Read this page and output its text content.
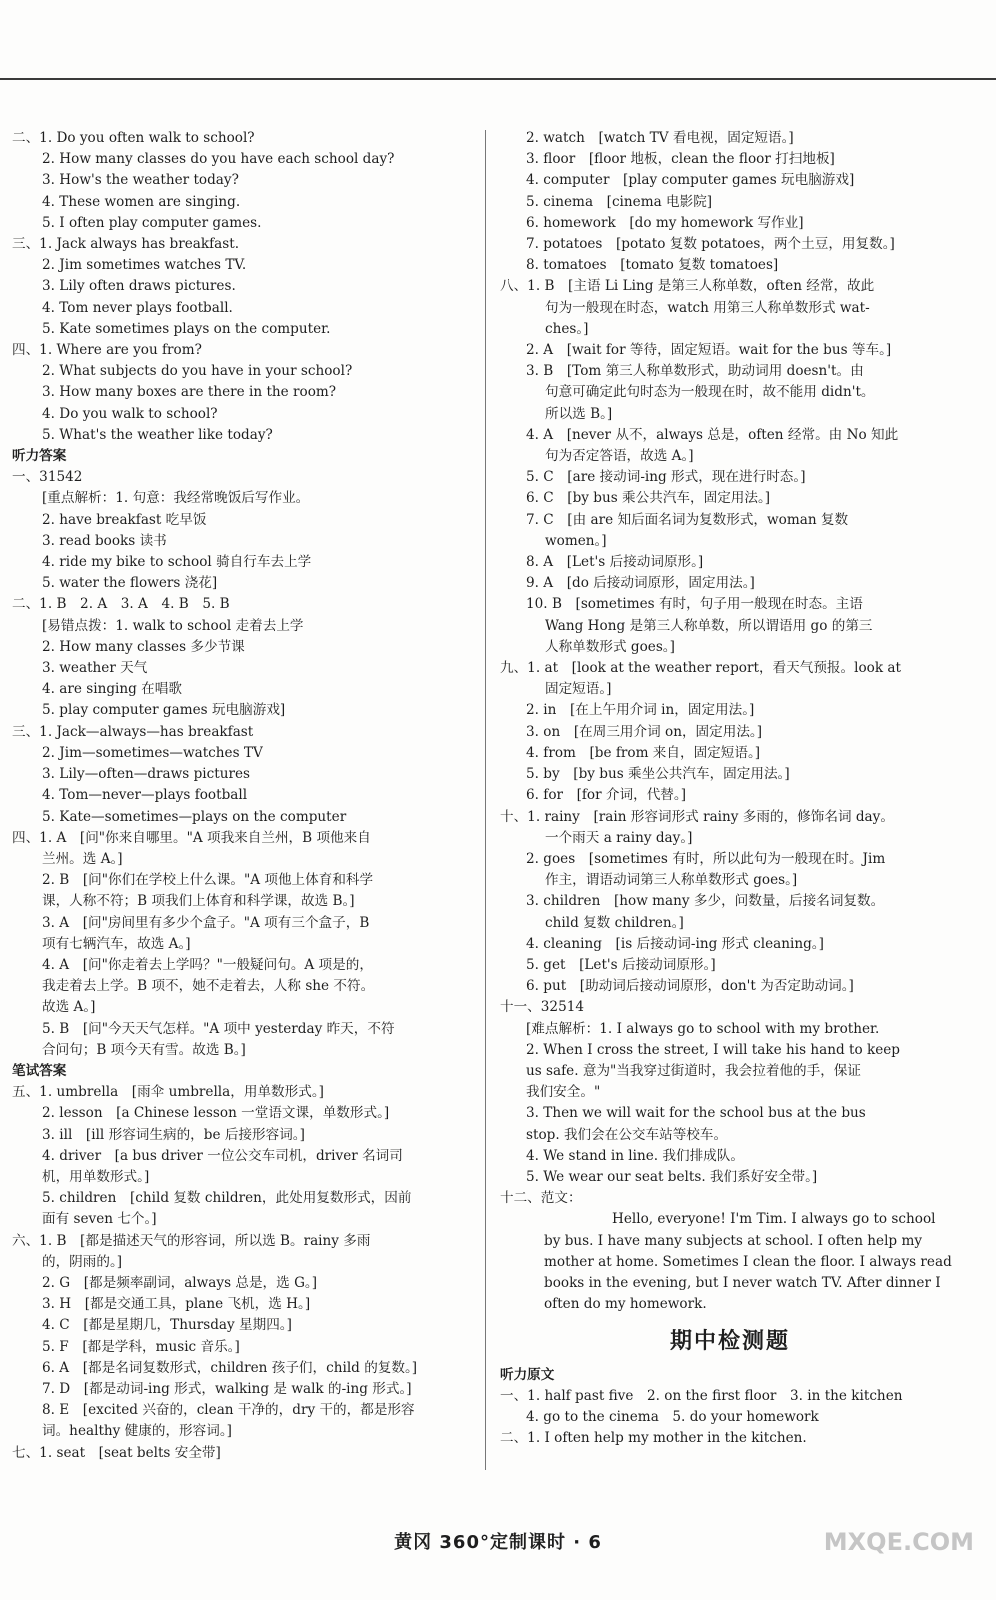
二、1. Do you often walk to school?
2. How many classes do you have each school day?
3. How's the weather today?
4. These women are singing.
5. I often play computer games.
三、1. Jack always has breakfast.
2. Jim sometimes watches TV.
3. Lily often draws pictures.
4. Tom never plays football.
5. Kate sometimes plays on the computer.
四、1. Where are you from?
2. What subjects do you have in your school?
3. How many boxes are there in the room?
4. Do you walk to school?
5. What's the weather like today?
听力答案
一、31542
[重点解析：1. 句意：我经常晚饭后写作业。
2. have breakfast 吃早饭
3. read books 读书
4. ride my bike to school 骑自行车去上学
5. water the flowers 浇花]
二、1. B　2. A　3. A　4. B　5. B
[易错点拨：1. walk to school 走着去上学
2. How many classes 多少节课
3. weather 天气
4. are singing 在唱歌
5. play computer games 玩电脑游戏]
三、1. Jack—always—has breakfast
2. Jim—sometimes—watches TV
3. Lily—often—draws pictures
4. Tom—never—plays football
5. Kate—sometimes—plays on the computer
四、1. A　[问"你来自哪里。"A 项我来自兰州，B 项他来自
兰州。选 A。]
2. B　[问"你们在学校上什么课。"A 项他上体育和科学
课，人称不符；B 项我们上体育和科学课，故选 B。]
3. A　[问"房间里有多少个盒子。"A 项有三个盒子，B
项有七辆汽车，故选 A。]
4. A　[问"你走着去上学吗？"一般疑问句。A 项是的，
我走着去上学。B 项不，她不走着去，人称 she 不符。
故选 A。]
5. B　[问"今天天气怎样。"A 项中 yesterday 昨天，不符
合问句；B 项今天有雪。故选 B。]
笔试答案
五、1. umbrella　[雨伞 umbrella，用单数形式。]
2. lesson　[a Chinese lesson 一堂语文课，单数形式。]
3. ill　[ill 形容词生病的，be 后接形容词。]
4. driver　[a bus driver 一位公交车司机，driver 名词司
机，用单数形式。]
5. children　[child 复数 children，此处用复数形式，因前
面有 seven 七个。]
六、1. B　[都是描述天气的形容词，所以选 B。rainy 多雨
的，阴雨的。]
2. G　[都是频率副词，always 总是，选 G。]
3. H　[都是交通工具，plane 飞机，选 H。]
4. C　[都是星期几，Thursday 星期四。]
5. F　[都是学科，music 音乐。]
6. A　[都是名词复数形式，children 孩子们，child 的复数。]
7. D　[都是动词-ing 形式，walking 是 walk 的-ing 形式。]
8. E　[excited 兴奋的，clean 干净的，dry 干的，都是形容
词。healthy 健康的，形容词。]
七、1. seat　[seat belts 安全带]
2. watch　[watch TV 看电视，固定短语。]
3. floor　[floor 地板，clean the floor 打扫地板]
4. computer　[play computer games 玩电脑游戏]
5. cinema　[cinema 电影院]
6. homework　[do my homework 写作业]
7. potatoes　[potato 复数 potatoes，两个土豆，用复数。]
8. tomatoes　[tomato 复数 tomatoes]
八、1. B　[主语 Li Ling 是第三人称单数，often 经常，故此
句为一般现在时态，watch 用第三人称单数形式 wat-
ches。]
2. A　[wait for 等待，固定短语。wait for the bus 等车。]
3. B　[Tom 第三人称单数形式，助动词用 doesn't。由
句意可确定此句时态为一般现在时，故不能用 didn't。
所以选 B。]
4. A　[never 从不，always 总是，often 经常。由 No 知此
句为否定答语，故选 A。]
5. C　[are 接动词-ing 形式，现在进行时态。]
6. C　[by bus 乘公共汽车，固定用法。]
7. C　[由 are 知后面名词为复数形式，woman 复数
women。]
8. A　[Let's 后接动词原形。]
9. A　[do 后接动词原形，固定用法。]
10. B　[sometimes 有时，句子用一般现在时态。主语
Wang Hong 是第三人称单数，所以谓语用 go 的第三
人称单数形式 goes。]
九、1. at　[look at the weather report，看天气预报。look at
固定短语。]
2. in　[在上午用介词 in，固定用法。]
3. on　[在周三用介词 on，固定用法。]
4. from　[be from 来自，固定短语。]
5. by　[by bus 乘坐公共汽车，固定用法。]
6. for　[for 介词，代替。]
十、1. rainy　[rain 形容词形式 rainy 多雨的，修饰名词 day。
一个雨天 a rainy day。]
2. goes　[sometimes 有时，所以此句为一般现在时。Jim
作主，谓语动词第三人称单数形式 goes。]
3. children　[how many 多少，问数量，后接名词复数。
child 复数 children。]
4. cleaning　[is 后接动词-ing 形式 cleaning。]
5. get　[Let's 后接动词原形。]
6. put　[助动词后接动词原形，don't 为否定助动词。]
十一、32514
[难点解析：1. I always go to school with my brother.
2. When I cross the street, I will take his hand to keep
us safe. 意为"当我穿过街道时，我会拉着他的手，保证
我们安全。"
3. Then we will wait for the school bus at the bus
stop. 我们会在公交车站等校车。
4. We stand in line. 我们排成队。
5. We wear our seat belts. 我们系好安全带。]
十二、范文：
Hello, everyone! I'm Tim. I always go to school by bus. I have many subjects at school. I often help my mother at home. Sometimes I clean the floor. I always read books in the evening, but I never watch TV. After dinner I often do my homework.
期中检测题
听力原文
一、1. half past five　2. on the first floor　3. in the kitchen
4. go to the cinema　5. do your homework
二、1. I often help my mother in the kitchen.
黄冈 360°定制课时 · 6	MXQE.COM
